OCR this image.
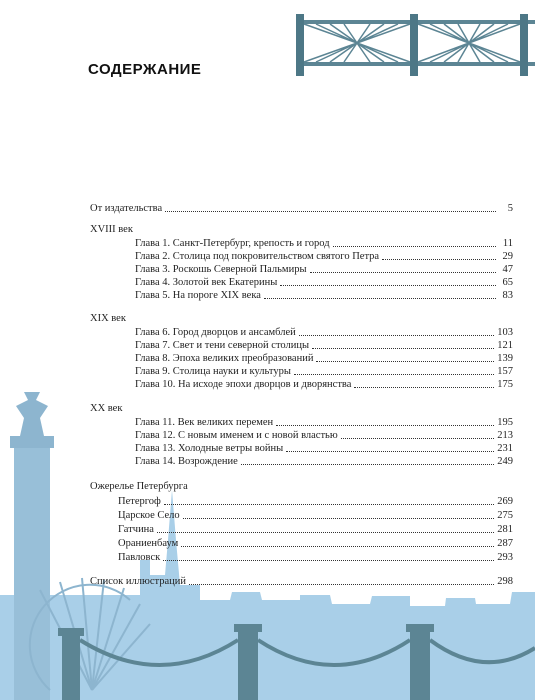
СОДЕРЖАНИЕ
От издательства	5
XVIII век
Глава 1. Санкт-Петербург, крепость и город	11
Глава 2. Столица под покровительством святого Петра	29
Глава 3. Роскошь Северной Пальмиры	47
Глава 4. Золотой век Екатерины	65
Глава 5. На пороге XIX века	83
XIX век
Глава 6. Город дворцов и ансамблей	103
Глава 7. Свет и тени северной столицы	121
Глава 8. Эпоха великих преобразований	139
Глава 9. Столица науки и культуры	157
Глава 10. На исходе эпохи дворцов и дворянства	175
XX век
Глава 11. Век великих перемен	195
Глава 12. С новым именем и с новой властью	213
Глава 13. Холодные ветры войны	231
Глава 14. Возрождение	249
Ожерелье Петербурга
Петергоф	269
Царское Село	275
Гатчина	281
Ораниенбаум	287
Павловск	293
Список иллюстраций	298
